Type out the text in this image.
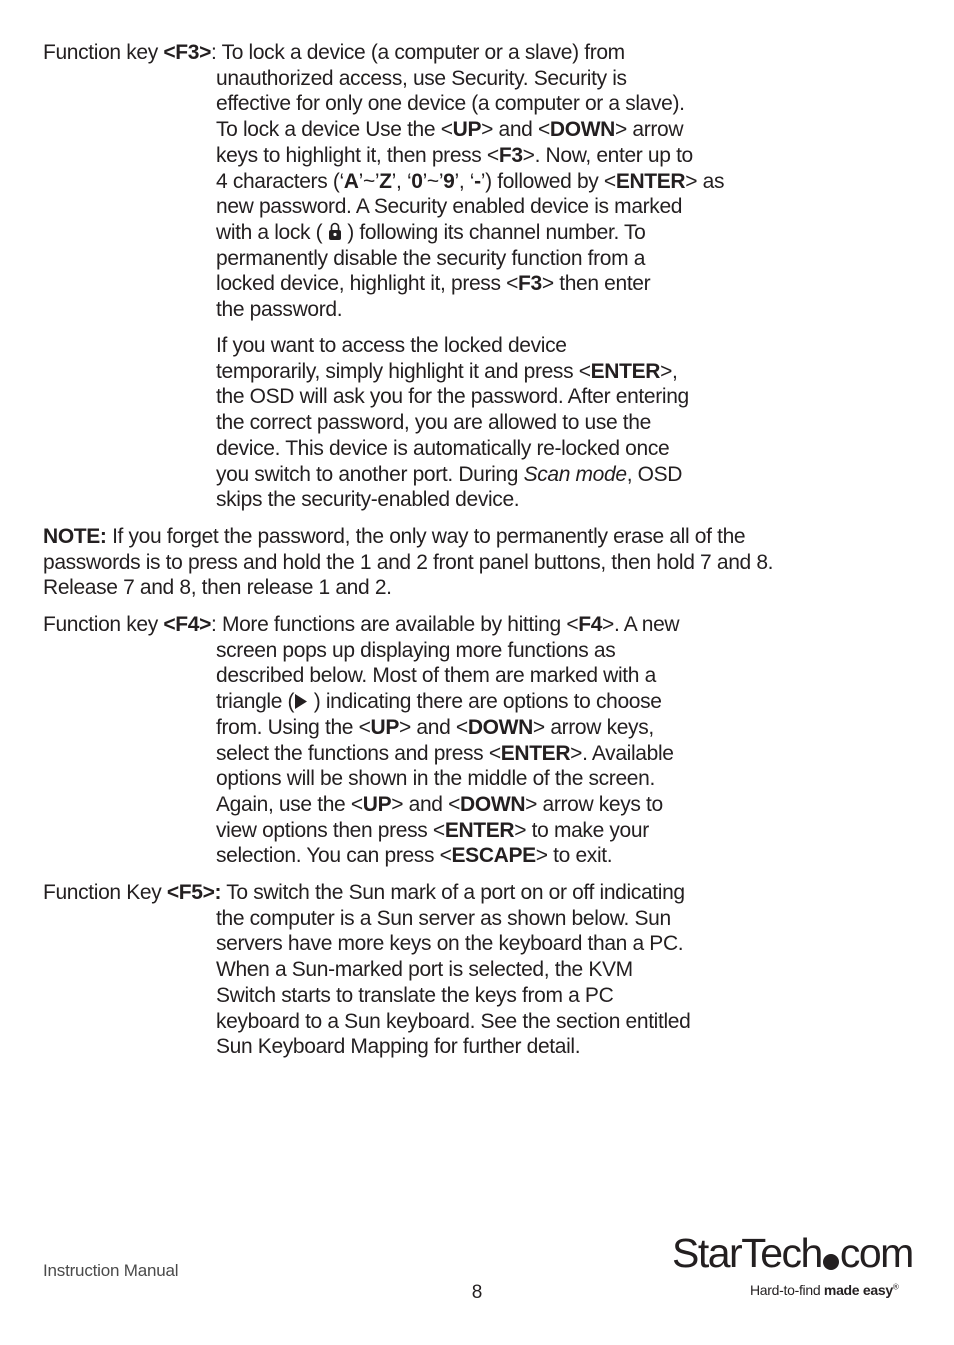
Function key <F3>: To lock a device (a computer or a slave) from
unauthorized access, use Security. Security is
effective for only one device (a computer or a slave).
To lock a device Use the <UP> and <DOWN> arrow
keys to highlight it, then press <F3>. Now, enter up to
4 characters (‘A’~’Z’, ‘0’~’9’, ‘-’) followed by <ENTER> as
new password. A Security enabled device is marked
with a lock (  ) following its channel number. To
permanently disable the security function from a
locked device, highlight it, press <F3> then enter
the password.
If you want to access the locked device
temporarily, simply highlight it and press <ENTER>,
the OSD will ask you for the password. After entering
the correct password, you are allowed to use the
device. This device is automatically re-locked once
you switch to another port. During Scan mode, OSD
skips the security-enabled device.
NOTE: If you forget the password, the only way to permanently erase all of the
passwords is to press and hold the 1 and 2 front panel buttons, then hold 7 and 8.
Release 7 and 8, then release 1 and 2.
Function key <F4>: More functions are available by hitting <F4>. A new
screen pops up displaying more functions as
described below. Most of them are marked with a
triangle ( ) indicating there are options to choose
from. Using the <UP> and <DOWN> arrow keys,
select the functions and press <ENTER>. Available
options will be shown in the middle of the screen.
Again, use the <UP> and <DOWN> arrow keys to
view options then press <ENTER> to make your
selection. You can press <ESCAPE> to exit.
Function Key <F5>: To switch the Sun mark of a port on or off indicating
the computer is a Sun server as shown below. Sun
servers have more keys on the keyboard than a PC.
When a Sun-marked port is selected, the KVM
Switch starts to translate the keys from a PC
keyboard to a Sun keyboard. See the section entitled
Sun Keyboard Mapping for further detail.
Instruction Manual
8
StarTech com
Hard-to-find made easy®
